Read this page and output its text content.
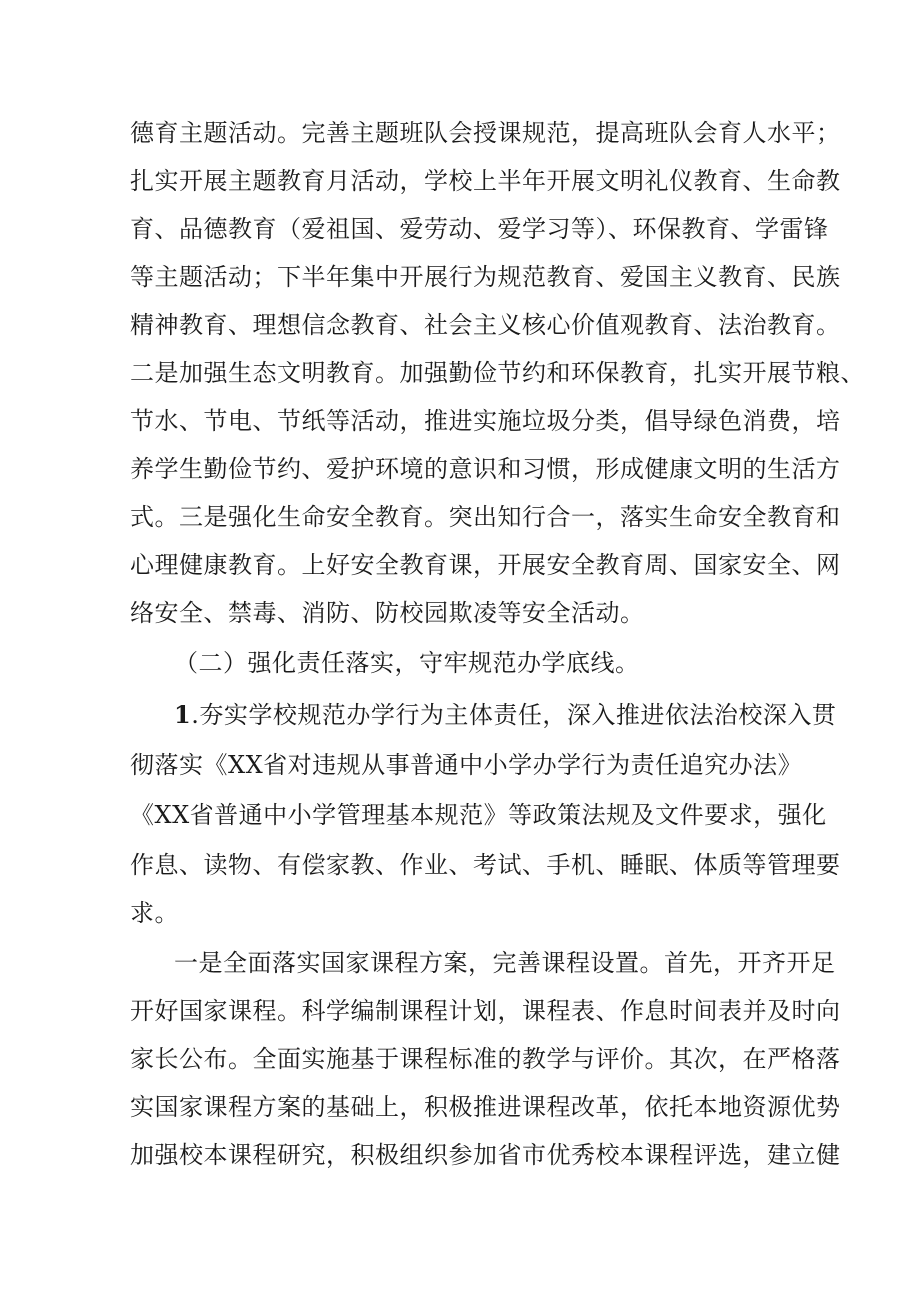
德育主题活动。完善主题班队会授课规范，提高班队会育人水平；
扎实开展主题教育月活动，学校上半年开展文明礼仪教育、生命教
育、品德教育（爱祖国、爱劳动、爱学习等）、环保教育、学雷锋
等主题活动；下半年集中开展行为规范教育、爱国主义教育、民族
精神教育、理想信念教育、社会主义核心价值观教育、法治教育。
二是加强生态文明教育。加强勤俭节约和环保教育，扎实开展节粮、
节水、节电、节纸等活动，推进实施垃圾分类，倡导绿色消费，培
养学生勤俭节约、爱护环境的意识和习惯，形成健康文明的生活方
式。三是强化生命安全教育。突出知行合一，落实生命安全教育和
心理健康教育。上好安全教育课，开展安全教育周、国家安全、网
络安全、禁毒、消防、防校园欺凌等安全活动。
（二）强化责任落实，守牢规范办学底线。
1.夯实学校规范办学行为主体责任，深入推进依法治校深入贯
彻落实《XX省对违规从事普通中小学办学行为责任追究办法》
《XX省普通中小学管理基本规范》等政策法规及文件要求，强化
作息、读物、有偿家教、作业、考试、手机、睡眠、体质等管理要
求。
一是全面落实国家课程方案，完善课程设置。首先，开齐开足
开好国家课程。科学编制课程计划，课程表、作息时间表并及时向
家长公布。全面实施基于课程标准的教学与评价。其次，在严格落
实国家课程方案的基础上，积极推进课程改革，依托本地资源优势
加强校本课程研究，积极组织参加省市优秀校本课程评选，建立健
